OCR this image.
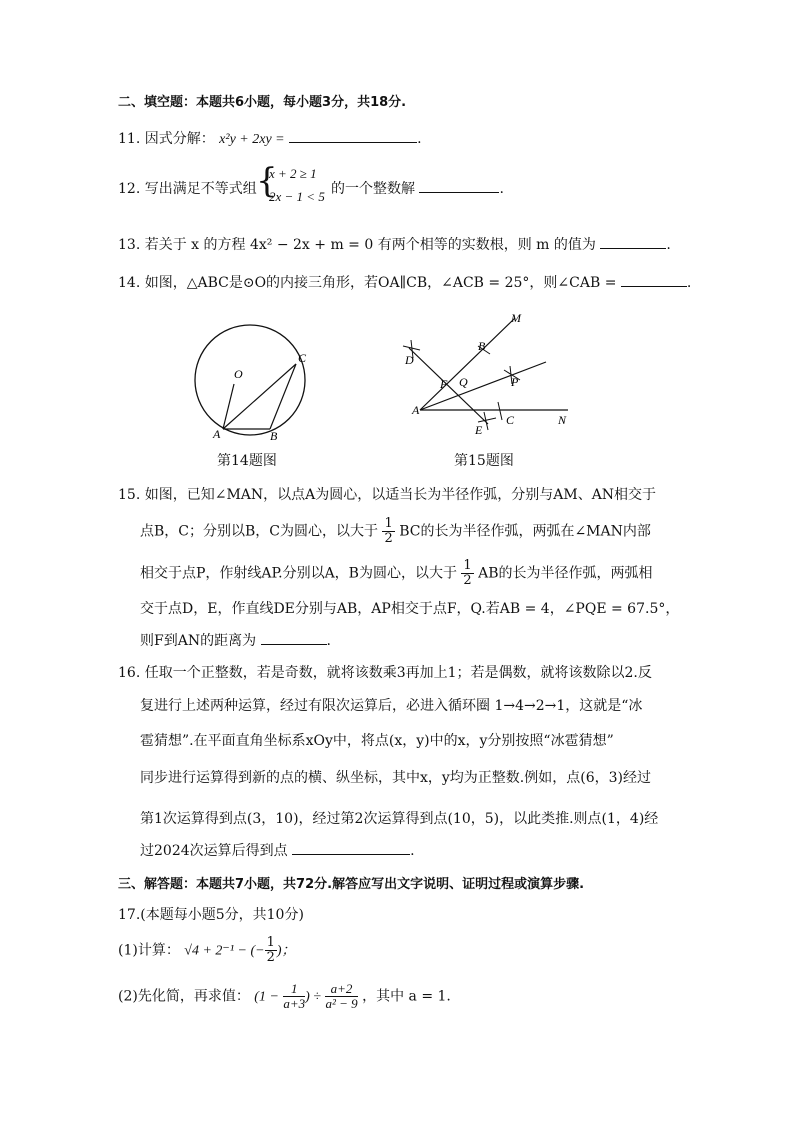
二、填空题：本题共6小题，每小题3分，共18分.
11. 因式分解： x²y + 2xy =	.
12. 写出满足不等式组 {
x + 2 ≥ 1
2x − 1 < 5 的一个整数解	.
13. 若关于 x 的方程 4x² − 2x + m = 0 有两个相等的实数根，则 m 的值为	.
14. 如图，△ABC是⊙O的内接三角形，若OA∥CB，∠ACB = 25°，则∠CAB =	.
O
C
A	B
第14题图
M
D
B
F Q	P
A
E
C	N
第15题图
15. 如图，已知∠MAN，以点A为圆心，以适当长为半径作弧，分别与AM、AN相交于
点B，C；分别以B，C为圆心，以大于 $\frac{1}{2}$ BC的长为半径作弧，两弧在∠MAN内部
相交于点P，作射线AP.分别以A，B为圆心，以大于 $\frac{1}{2}$ AB的长为半径作弧，两弧相
交于点D，E，作直线DE分别与AB，AP相交于点F，Q.若AB = 4，∠PQE = 67.5°，
则F到AN的距离为	.
16. 任取一个正整数，若是奇数，就将该数乘3再加上1；若是偶数，就将该数除以2.反
复进行上述两种运算，经过有限次运算后，必进入循环圈 1→4→2→1，这就是“冰
雹猜想”.在平面直角坐标系xOy中，将点(x，y)中的x，y分别按照“冰雹猜想”
同步进行运算得到新的点的横、纵坐标，其中x，y均为正整数.例如，点(6，3)经过
第1次运算得到点(3，10)，经过第2次运算得到点(10，5)，以此类推.则点(1，4)经
过2024次运算后得到点	.
三、解答题：本题共7小题，共72分.解答应写出文字说明、证明过程或演算步骤.
17.(本题每小题5分，共10分)
(1)计算： √4 + 2⁻¹ − (− $\frac{1}{2}$ )；
(2)先化简，再求值： ($1 - \frac{1}{a+3}$ ) ÷ $\frac{a+2}{\text{a² − 9}}$ ，其中 a = 1.
